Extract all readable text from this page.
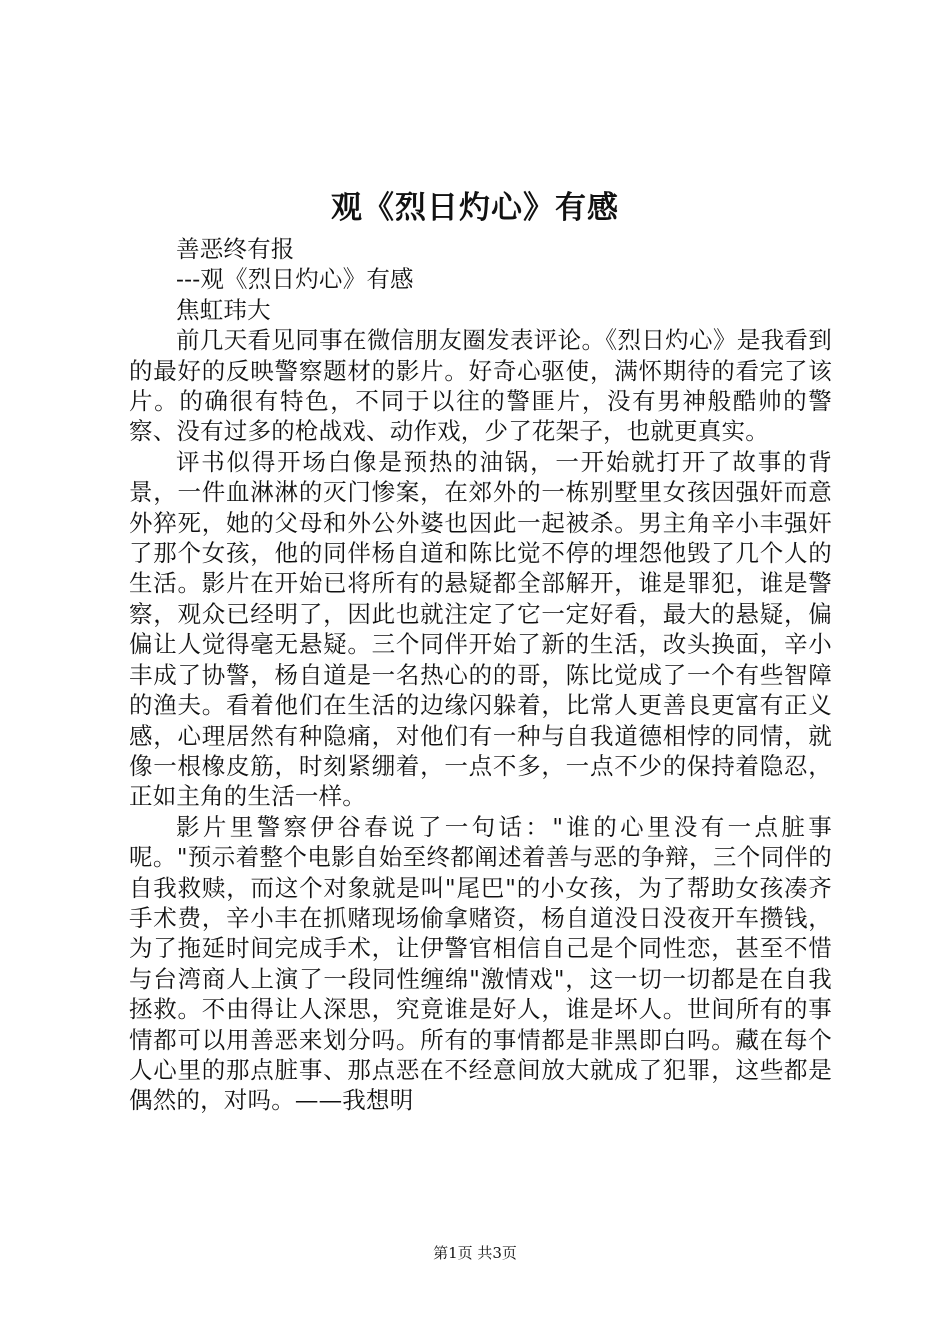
观《烈日灼心》有感

善恶终有报

---观《烈日灼心》有感

焦虹玮大

前几天看见同事在微信朋友圈发表评论。《烈日灼心》是我看到的最好的反映警察题材的影片。好奇心驱使，满怀期待的看完了该片。的确很有特色，不同于以往的警匪片，没有男神般酷帅的警察、没有过多的枪战戏、动作戏，少了花架子，也就更真实。

评书似得开场白像是预热的油锅，一开始就打开了故事的背景，一件血淋淋的灭门惨案，在郊外的一栋别墅里女孩因强奸而意外猝死，她的父母和外公外婆也因此一起被杀。男主角辛小丰强奸了那个女孩，他的同伴杨自道和陈比觉不停的埋怨他毁了几个人的生活。影片在开始已将所有的悬疑都全部解开，谁是罪犯，谁是警察，观众已经明了，因此也就注定了它一定好看，最大的悬疑，偏偏让人觉得毫无悬疑。三个同伴开始了新的生活，改头换面，辛小丰成了协警，杨自道是一名热心的的哥，陈比觉成了一个有些智障的渔夫。看着他们在生活的边缘闪躲着，比常人更善良更富有正义感，心理居然有种隐痛，对他们有一种与自我道德相悖的同情，就像一根橡皮筋，时刻紧绷着，一点不多，一点不少的保持着隐忍，正如主角的生活一样。

影片里警察伊谷春说了一句话："谁的心里没有一点脏事呢。"预示着整个电影自始至终都阐述着善与恶的争辩，三个同伴的自我救赎，而这个对象就是叫"尾巴"的小女孩，为了帮助女孩凑齐手术费，辛小丰在抓赌现场偷拿赌资，杨自道没日没夜开车攒钱，为了拖延时间完成手术，让伊警官相信自己是个同性恋，甚至不惜与台湾商人上演了一段同性缠绵"激情戏"，这一切一切都是在自我拯救。不由得让人深思，究竟谁是好人，谁是坏人。世间所有的事情都可以用善恶来划分吗。所有的事情都是非黑即白吗。藏在每个人心里的那点脏事、那点恶在不经意间放大就成了犯罪，这些都是偶然的，对吗。——我想明

第1页 共3页
